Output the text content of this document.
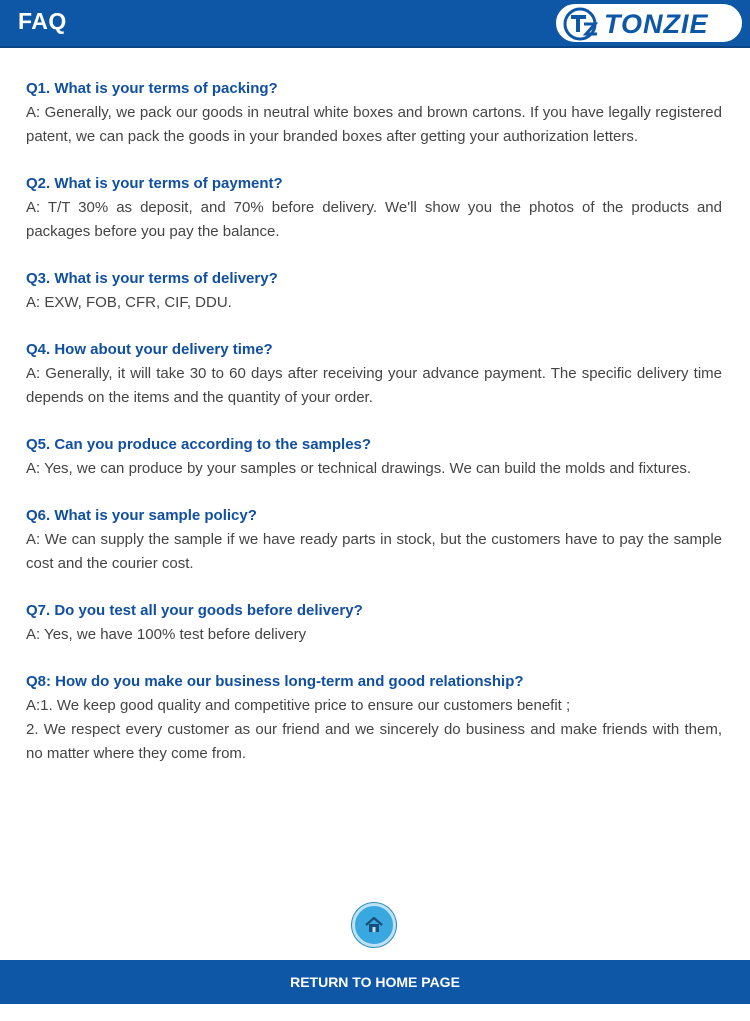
FAQ	TONZIE
Q1. What is your terms of packing?
A: Generally, we pack our goods in neutral white boxes and brown cartons. If you have legally registered patent, we can pack the goods in your branded boxes after getting your authorization letters.
Q2. What is your terms of payment?
A: T/T 30% as deposit, and 70% before delivery. We'll show you the photos of the products and packages before you pay the balance.
Q3. What is your terms of delivery?
A: EXW, FOB, CFR, CIF, DDU.
Q4. How about your delivery time?
A: Generally, it will take 30 to 60 days after receiving your advance payment. The specific delivery time depends on the items and the quantity of your order.
Q5. Can you produce according to the samples?
A: Yes, we can produce by your samples or technical drawings. We can build the molds and fixtures.
Q6. What is your sample policy?
A: We can supply the sample if we have ready parts in stock, but the customers have to pay the sample cost and the courier cost.
Q7. Do you test all your goods before delivery?
A: Yes, we have 100% test before delivery
Q8: How do you make our business long-term and good relationship?
A:1. We keep good quality and competitive price to ensure our customers benefit ;
2. We respect every customer as our friend and we sincerely do business and make friends with them, no matter where they come from.
RETURN TO HOME PAGE
